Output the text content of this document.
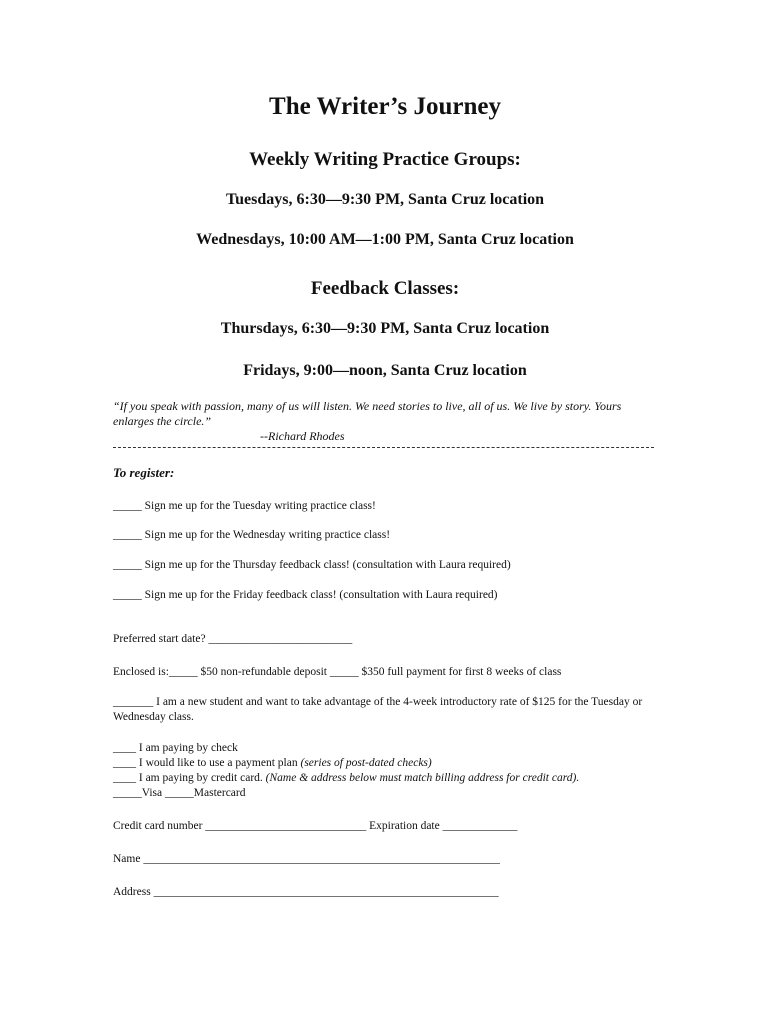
The Writer’s Journey
Weekly Writing Practice Groups:
Tuesdays, 6:30—9:30 PM, Santa Cruz location
Wednesdays, 10:00 AM—1:00 PM, Santa Cruz location
Feedback Classes:
Thursdays, 6:30—9:30 PM, Santa Cruz location
Fridays, 9:00—noon, Santa Cruz location
“If you speak with passion, many of us will listen. We need stories to live, all of us. We live by story. Yours enlarges the circle.”
--Richard Rhodes
To register:
_____ Sign me up for the Tuesday writing practice class!
_____ Sign me up for the Wednesday writing practice class!
_____ Sign me up for the Thursday feedback class! (consultation with Laura required)
_____ Sign me up for the Friday feedback class! (consultation with Laura required)
Preferred start date? _________________________
Enclosed is:_____ $50 non-refundable deposit _____ $350 full payment for first 8 weeks of class
_______ I am a new student and want to take advantage of the 4-week introductory rate of $125 for the Tuesday or Wednesday class.
____ I am paying by check
____ I would like to use a payment plan (series of post-dated checks)
____ I am paying by credit card. (Name & address below must match billing address for credit card).
_____Visa _____Mastercard
Credit card number ____________________________ Expiration date _____________
Name ______________________________________________________________
Address ____________________________________________________________
